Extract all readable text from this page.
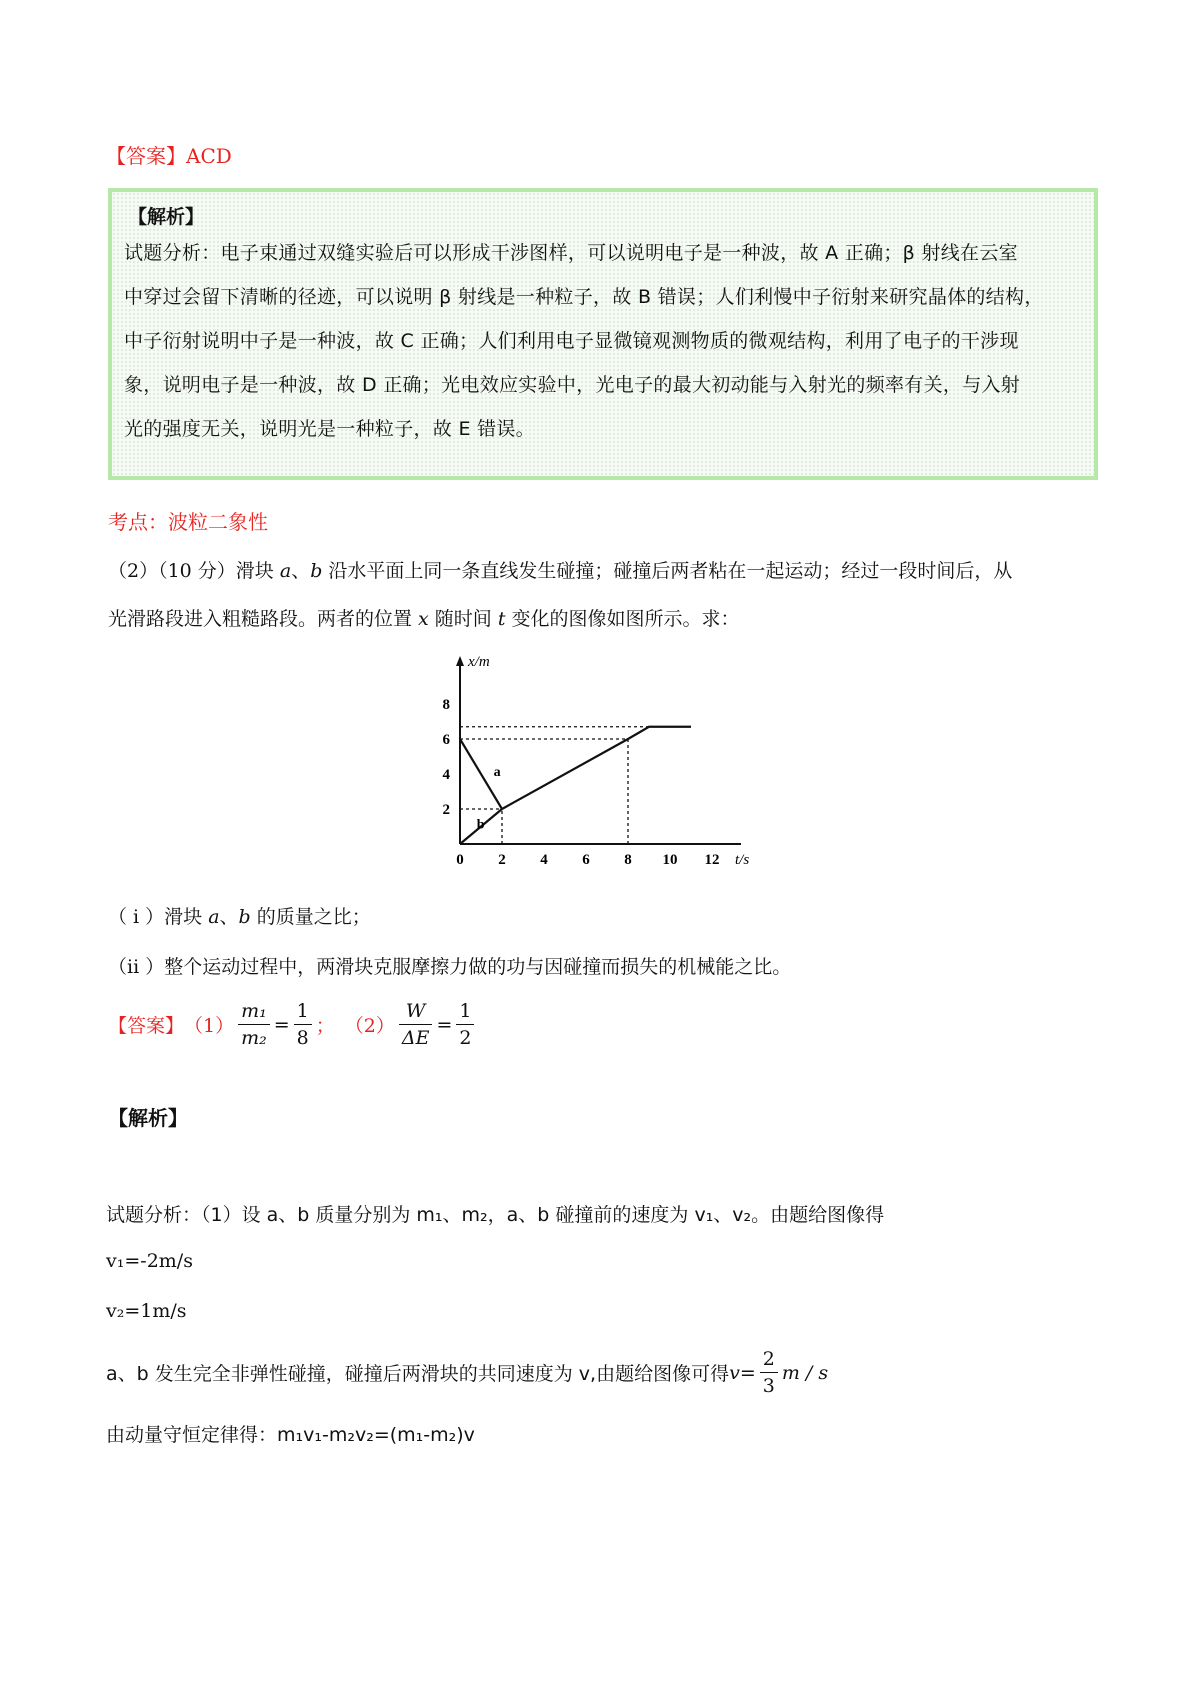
【答案】ACD
【解析】
试题分析：电子束通过双缝实验后可以形成干涉图样，可以说明电子是一种波，故 A 正确；β 射线在云室
中穿过会留下清晰的径迹，可以说明 β 射线是一种粒子，故 B 错误；人们利慢中子衍射来研究晶体的结构，
中子衍射说明中子是一种波，故 C 正确；人们利用电子显微镜观测物质的微观结构，利用了电子的干涉现
象，说明电子是一种波，故 D 正确；光电效应实验中，光电子的最大初动能与入射光的频率有关，与入射
光的强度无关，说明光是一种粒子，故 E 错误。
考点：波粒二象性
（2）（10 分）滑块 a、b 沿水平面上同一条直线发生碰撞；碰撞后两者粘在一起运动；经过一段时间后，从
光滑路段进入粗糙路段。两者的位置 x 随时间 t 变化的图像如图所示。求：
a
b
0 2 4 6 8 10 12
2
4
6
8
t/s
x/m
（ i ）滑块 a、b 的质量之比；
（ii ）整个运动过程中，两滑块克服摩擦力做的功与因碰撞而损失的机械能之比。
【答案】 $(1) \frac{\text{m₁}}{\text{m₂}} = \frac{1}{8}$ ； $(2) \frac{W}{\Delta E} = \frac{1}{2}$
【解析】
试题分析：（1）设 a、b 质量分别为 m₁、m₂，a、b 碰撞前的速度为 v₁、v₂。由题给图像得
v₁=-2m/s
v₂=1m/s
a、b 发生完全非弹性碰撞，碰撞后两滑块的共同速度为 v,由题给图像可得 $v = \frac{2}{3}$ m / s
由动量守恒定律得：m₁v₁-m₂v₂=(m₁-m₂)v
